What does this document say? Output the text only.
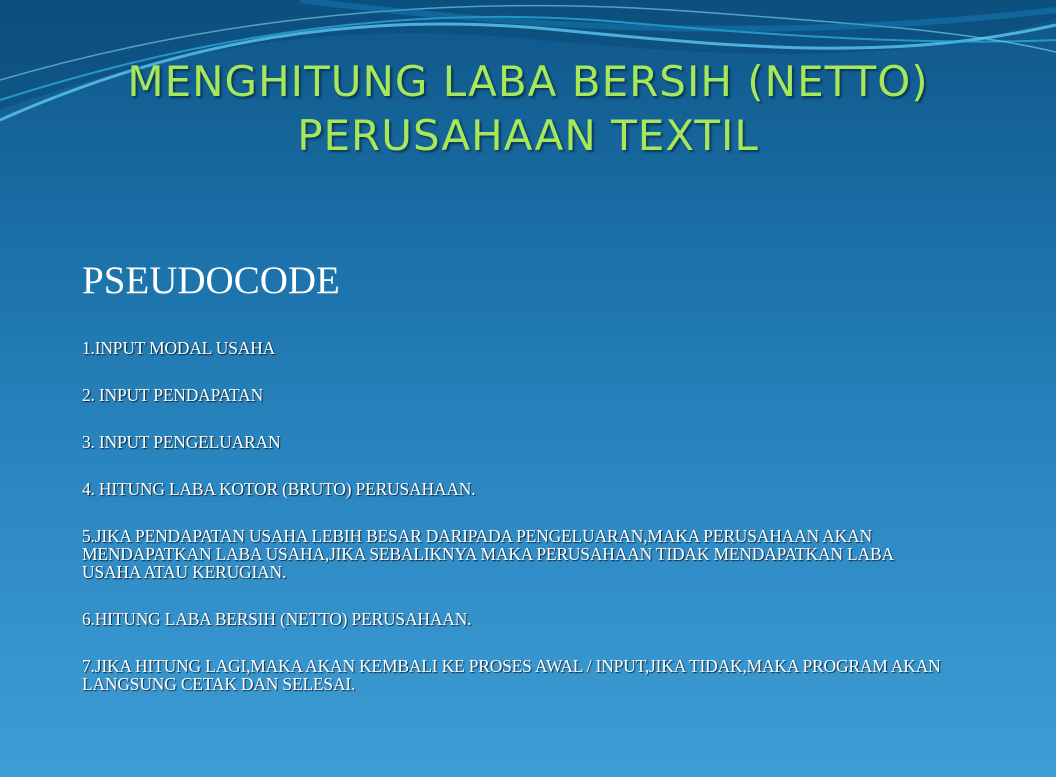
MENGHITUNG LABA BERSIH (NETTO)
PERUSAHAAN TEXTIL
PSEUDOCODE
1.INPUT MODAL USAHA
2. INPUT PENDAPATAN
3. INPUT PENGELUARAN
4. HITUNG LABA KOTOR (BRUTO) PERUSAHAAN.
5.JIKA PENDAPATAN USAHA LEBIH BESAR DARIPADA PENGELUARAN,MAKA PERUSAHAAN AKAN MENDAPATKAN LABA USAHA,JIKA SEBALIKNYA MAKA PERUSAHAAN TIDAK MENDAPATKAN LABA USAHA ATAU KERUGIAN.
6.HITUNG LABA BERSIH (NETTO) PERUSAHAAN.
7.JIKA HITUNG LAGI,MAKA AKAN KEMBALI KE PROSES AWAL / INPUT,JIKA TIDAK,MAKA PROGRAM AKAN LANGSUNG CETAK DAN SELESAI.
